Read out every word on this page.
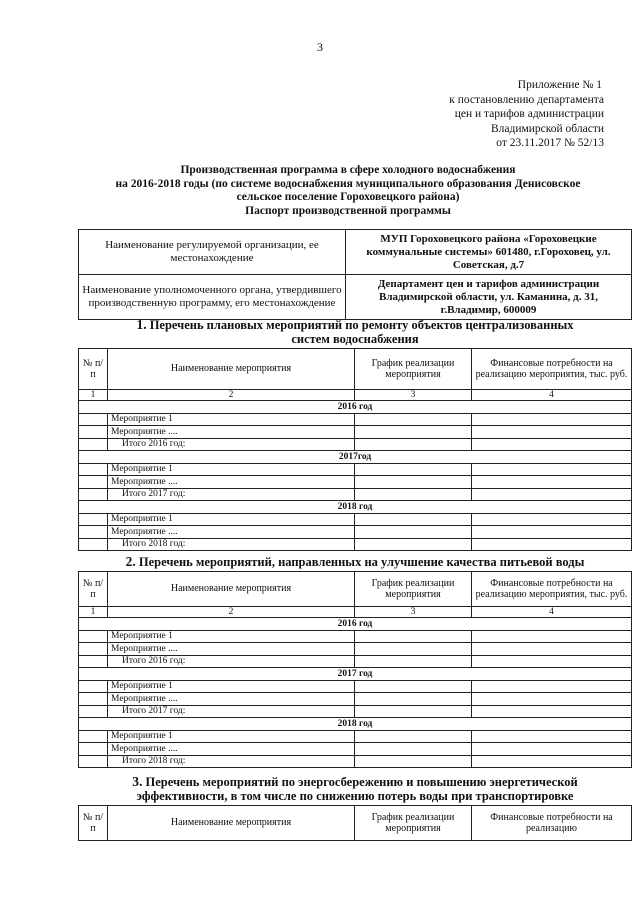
3
Приложение № 1
к постановлению департамента
цен и тарифов администрации
Владимирской области
от 23.11.2017 № 52/13
Производственная программа в сфере холодного водоснабжения
на 2016-2018 годы (по системе водоснабжения муниципального образования Денисовское
сельское поселение Гороховецкого района)
Паспорт производственной программы
Наименование регулируемой организации, ее местонахождение	МУП Гороховецкого района «Гороховецкие коммунальные системы» 601480, г.Гороховец, ул. Советская, д.7
Наименование уполномоченного органа, утвердившего производственную программу, его местонахождение	Департамент цен и тарифов администрации Владимирской области, ул. Каманина, д. 31, г.Владимир, 600009
1. Перечень плановых мероприятий по ремонту объектов централизованных
систем водоснабжения
№ п/п	Наименование мероприятия	График реализации мероприятия	Финансовые потребности на реализацию мероприятия, тыс. руб.
1	2	3	4
2016 год			
	Мероприятие 1		
	Мероприятие ....		
	Итого 2016 год:		
2017год			
	Мероприятие 1		
	Мероприятие ....		
	Итого 2017 год:		
2018 год			
	Мероприятие 1		
	Мероприятие ....		
	Итого 2018 год:		
2. Перечень мероприятий, направленных на улучшение качества питьевой воды
№ п/п	Наименование мероприятия	График реализации мероприятия	Финансовые потребности на реализацию мероприятия, тыс. руб.
1	2	3	4
2016 год			
	Мероприятие 1		
	Мероприятие ....		
	Итого 2016 год:		
2017 год			
	Мероприятие 1		
	Мероприятие ....		
	Итого 2017 год:		
2018 год			
	Мероприятие 1		
	Мероприятие ....		
	Итого 2018 год:		
3. Перечень мероприятий по энергосбережению и повышению энергетической
эффективности, в том числе по снижению потерь воды при транспортировке
№ п/п	Наименование мероприятия	График реализации мероприятия	Финансовые потребности на реализацию
